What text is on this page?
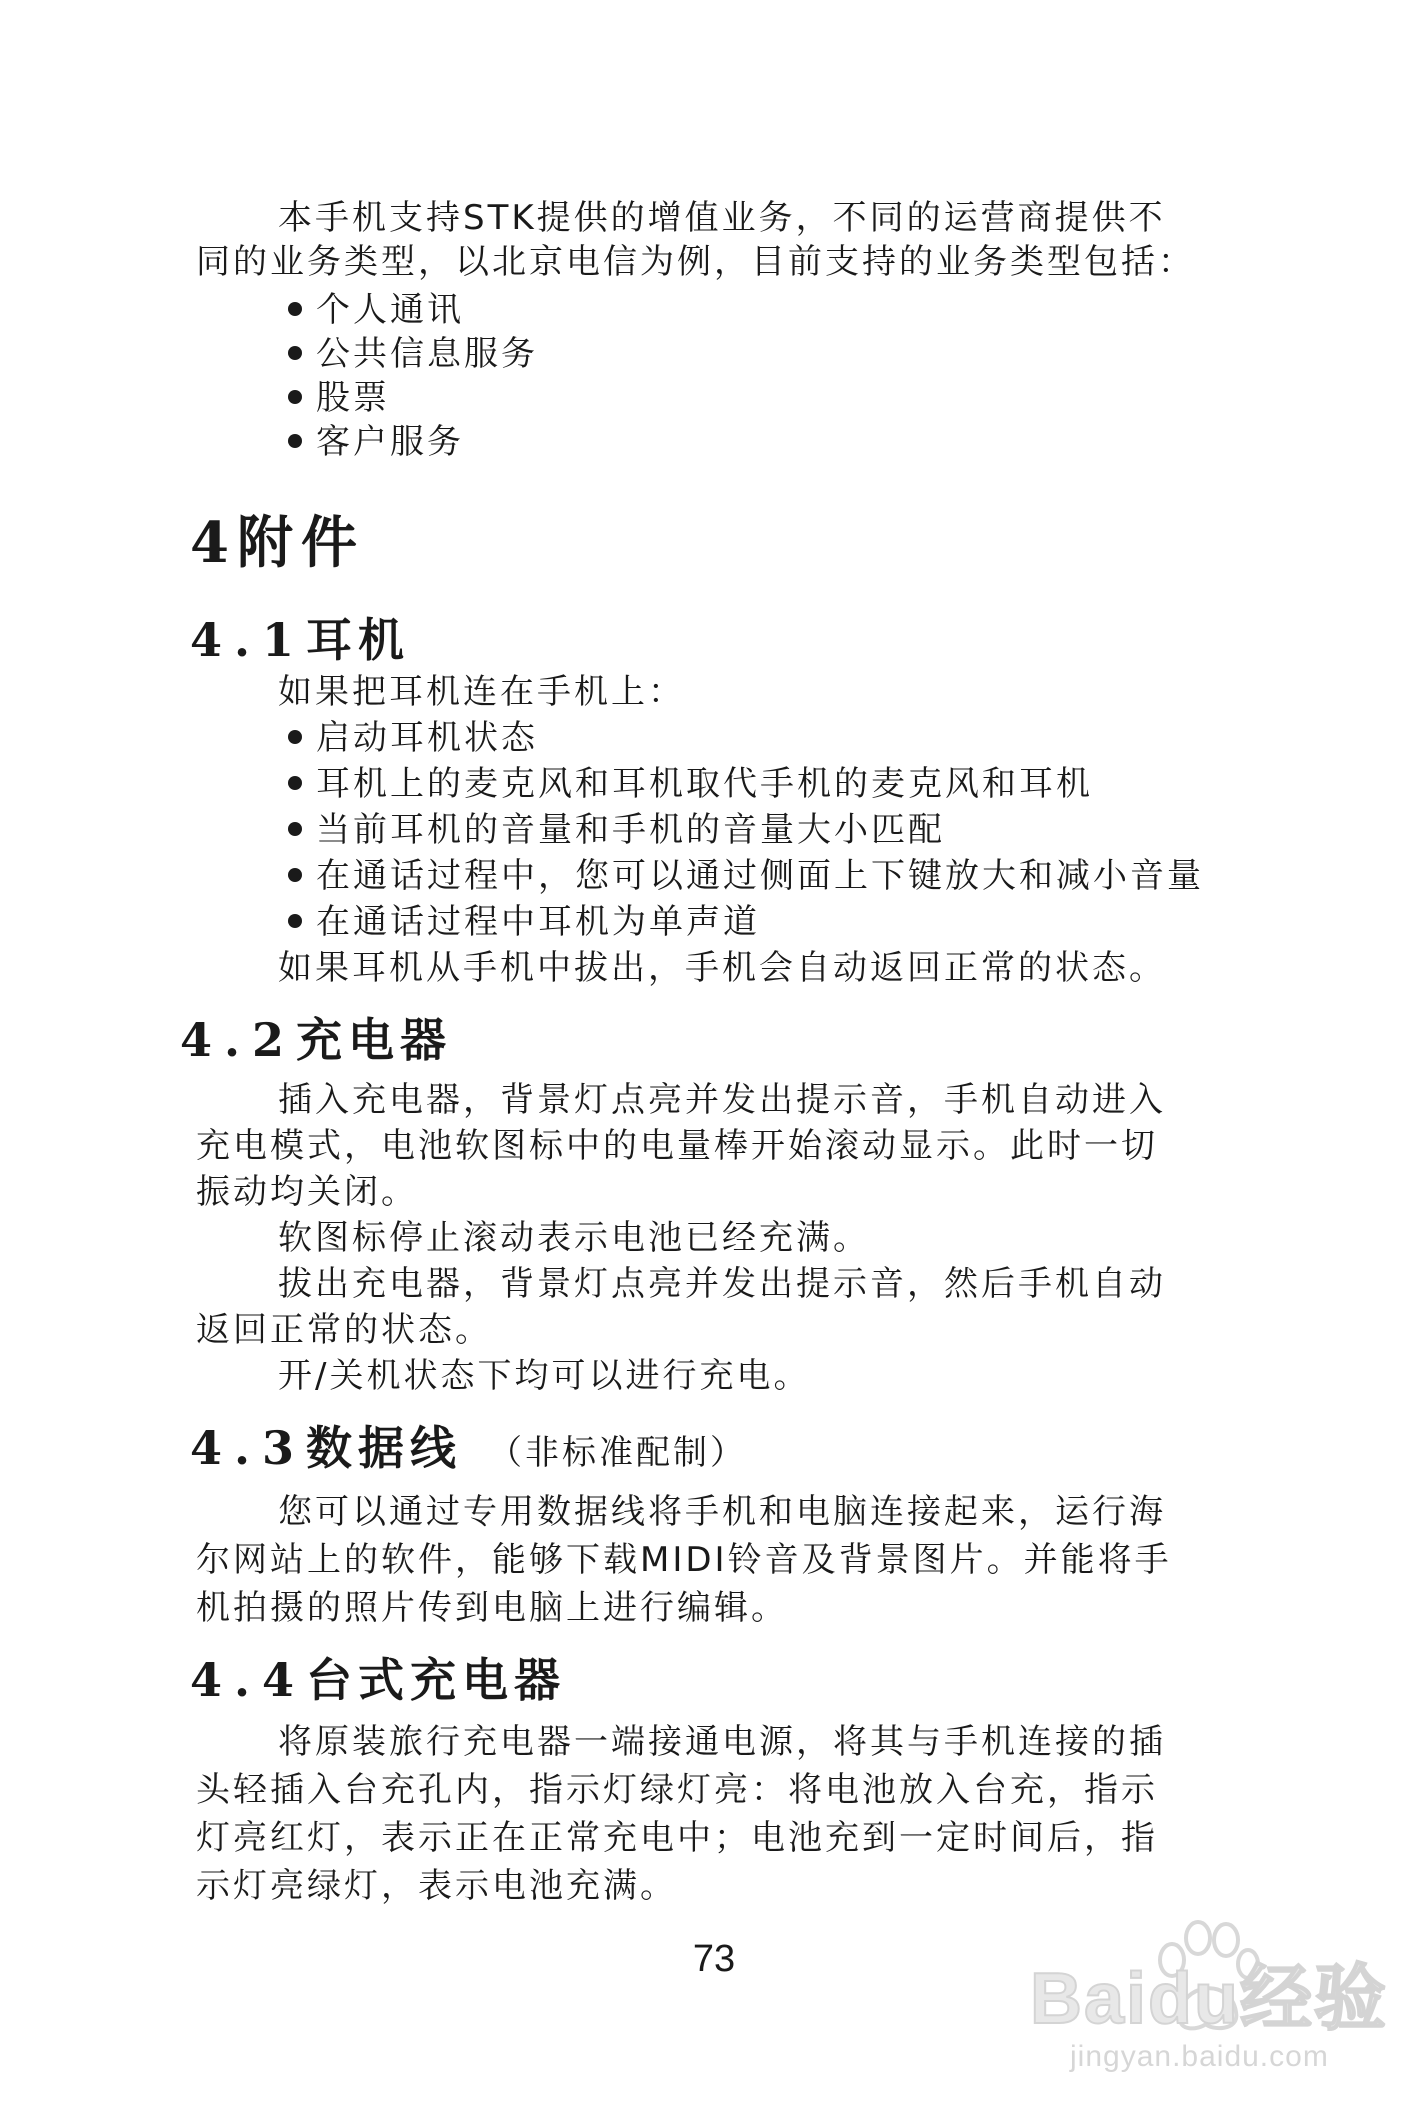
本手机支持STK提供的增值业务，不同的运营商提供不
同的业务类型，以北京电信为例，目前支持的业务类型包括：
个人通讯
公共信息服务
股票
客户服务
4附件
4.1耳机
如果把耳机连在手机上：
启动耳机状态
耳机上的麦克风和耳机取代手机的麦克风和耳机
当前耳机的音量和手机的音量大小匹配
在通话过程中，您可以通过侧面上下键放大和减小音量
在通话过程中耳机为单声道
如果耳机从手机中拔出，手机会自动返回正常的状态。
4.2充电器
插入充电器，背景灯点亮并发出提示音，手机自动进入
充电模式，电池软图标中的电量棒开始滚动显示。此时一切
振动均关闭。
软图标停止滚动表示电池已经充满。
拔出充电器，背景灯点亮并发出提示音，然后手机自动
返回正常的状态。
开/关机状态下均可以进行充电。
4.3数据线 （非标准配制）
您可以通过专用数据线将手机和电脑连接起来，运行海
尔网站上的软件，能够下载MIDI铃音及背景图片。并能将手
机拍摄的照片传到电脑上进行编辑。
4.4台式充电器
将原装旅行充电器一端接通电源，将其与手机连接的插
头轻插入台充孔内，指示灯绿灯亮：将电池放入台充，指示
灯亮红灯，表示正在正常充电中；电池充到一定时间后，指
示灯亮绿灯，表示电池充满。
73	Baidu经验
jingyan.baidu.com
